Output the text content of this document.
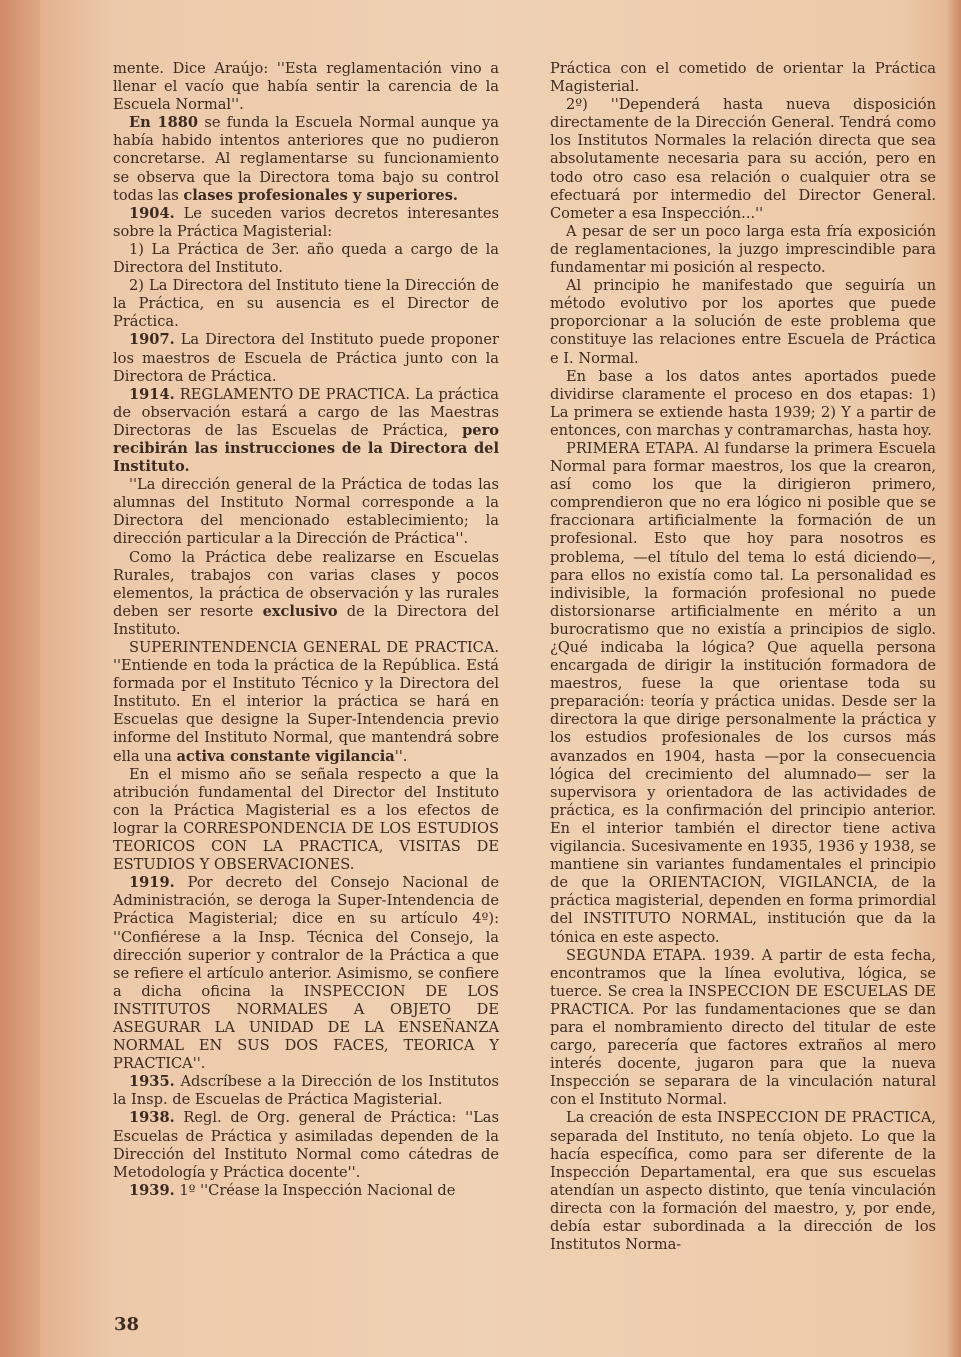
mente. Dice Araújo: ''Esta reglamentación vino a llenar el vacío que había sentir la carencia de la Escuela Normal''.

En 1880 se funda la Escuela Normal aunque ya había habido intentos anteriores que no pudieron concretarse. Al reglamentarse su funcionamiento se observa que la Directora toma bajo su control todas las clases profesionales y superiores.

1904. Le suceden varios decretos interesantes sobre la Práctica Magisterial:

1) La Práctica de 3er. año queda a cargo de la Directora del Instituto.

2) La Directora del Instituto tiene la Dirección de la Práctica, en su ausencia es el Director de Práctica.

1907. La Directora del Instituto puede proponer los maestros de Escuela de Práctica junto con la Directora de Práctica.

1914. REGLAMENTO DE PRACTICA. La práctica de observación estará a cargo de las Maestras Directoras de las Escuelas de Práctica, pero recibirán las instrucciones de la Directora del Instituto.

''La dirección general de la Práctica de todas las alumnas del Instituto Normal corresponde a la Directora del mencionado establecimiento; la dirección particular a la Dirección de Práctica''.

Como la Práctica debe realizarse en Escuelas Rurales, trabajos con varias clases y pocos elementos, la práctica de observación y las rurales deben ser resorte exclusivo de la Directora del Instituto.

SUPERINTENDENCIA GENERAL DE PRACTICA. ''Entiende en toda la práctica de la República. Está formada por el Instituto Técnico y la Directora del Instituto. En el interior la práctica se hará en Escuelas que designe la Super-Intendencia previo informe del Instituto Normal, que mantendrá sobre ella una activa constante vigilancia''.

En el mismo año se señala respecto a que la atribución fundamental del Director del Instituto con la Práctica Magisterial es a los efectos de lograr la CORRESPONDENCIA DE LOS ESTUDIOS TEORICOS CON LA PRACTICA, VISITAS DE ESTUDIOS Y OBSERVACIONES.

1919. Por decreto del Consejo Nacional de Administración, se deroga la Super-Intendencia de Práctica Magisterial; dice en su artículo 4º): ''Confiérese a la Insp. Técnica del Consejo, la dirección superior y contralor de la Práctica a que se refiere el artículo anterior. Asimismo, se confiere a dicha oficina la INSPECCION DE LOS INSTITUTOS NORMALES A OBJETO DE ASEGURAR LA UNIDAD DE LA ENSEÑANZA NORMAL EN SUS DOS FACES, TEORICA Y PRACTICA''.

1935. Adscríbese a la Dirección de los Institutos la Insp. de Escuelas de Práctica Magisterial.

1938. Regl. de Org. general de Práctica: ''Las Escuelas de Práctica y asimiladas dependen de la Dirección del Instituto Normal como cátedras de Metodología y Práctica docente''.

1939. 1º ''Créase la Inspección Nacional de

Práctica con el cometido de orientar la Práctica Magisterial.

2º) ''Dependerá hasta nueva disposición directamente de la Dirección General. Tendrá como los Institutos Normales la relación directa que sea absolutamente necesaria para su acción, pero en todo otro caso esa relación o cualquier otra se efectuará por intermedio del Director General. Cometer a esa Inspección...''

A pesar de ser un poco larga esta fría exposición de reglamentaciones, la juzgo imprescindible para fundamentar mi posición al respecto.

Al principio he manifestado que seguiría un método evolutivo por los aportes que puede proporcionar a la solución de este problema que constituye las relaciones entre Escuela de Práctica e I. Normal.

En base a los datos antes aportados puede dividirse claramente el proceso en dos etapas: 1) La primera se extiende hasta 1939; 2) Y a partir de entonces, con marchas y contramarchas, hasta hoy.

PRIMERA ETAPA. Al fundarse la primera Escuela Normal para formar maestros, los que la crearon, así como los que la dirigieron primero, comprendieron que no era lógico ni posible que se fraccionara artificialmente la formación de un profesional. Esto que hoy para nosotros es problema, —el título del tema lo está diciendo—, para ellos no existía como tal. La personalidad es indivisible, la formación profesional no puede distorsionarse artificialmente en mérito a un burocratismo que no existía a principios de siglo. ¿Qué indicaba la lógica? Que aquella persona encargada de dirigir la institución formadora de maestros, fuese la que orientase toda su preparación: teoría y práctica unidas. Desde ser la directora la que dirige personalmente la práctica y los estudios profesionales de los cursos más avanzados en 1904, hasta —por la consecuencia lógica del crecimiento del alumnado— ser la supervisora y orientadora de las actividades de práctica, es la confirmación del principio anterior. En el interior también el director tiene activa vigilancia. Sucesivamente en 1935, 1936 y 1938, se mantiene sin variantes fundamentales el principio de que la ORIENTACION, VIGILANCIA, de la práctica magisterial, dependen en forma primordial del INSTITUTO NORMAL, institución que da la tónica en este aspecto.

SEGUNDA ETAPA. 1939. A partir de esta fecha, encontramos que la línea evolutiva, lógica, se tuerce. Se crea la INSPECCION DE ESCUELAS DE PRACTICA. Por las fundamentaciones que se dan para el nombramiento directo del titular de este cargo, parecería que factores extraños al mero interés docente, jugaron para que la nueva Inspección se separara de la vinculación natural con el Instituto Normal.

La creación de esta INSPECCION DE PRACTICA, separada del Instituto, no tenía objeto. Lo que la hacía específica, como para ser diferente de la Inspección Departamental, era que sus escuelas atendían un aspecto distinto, que tenía vinculación directa con la formación del maestro, y, por ende, debía estar subordinada a la dirección de los Institutos Norma-

38
